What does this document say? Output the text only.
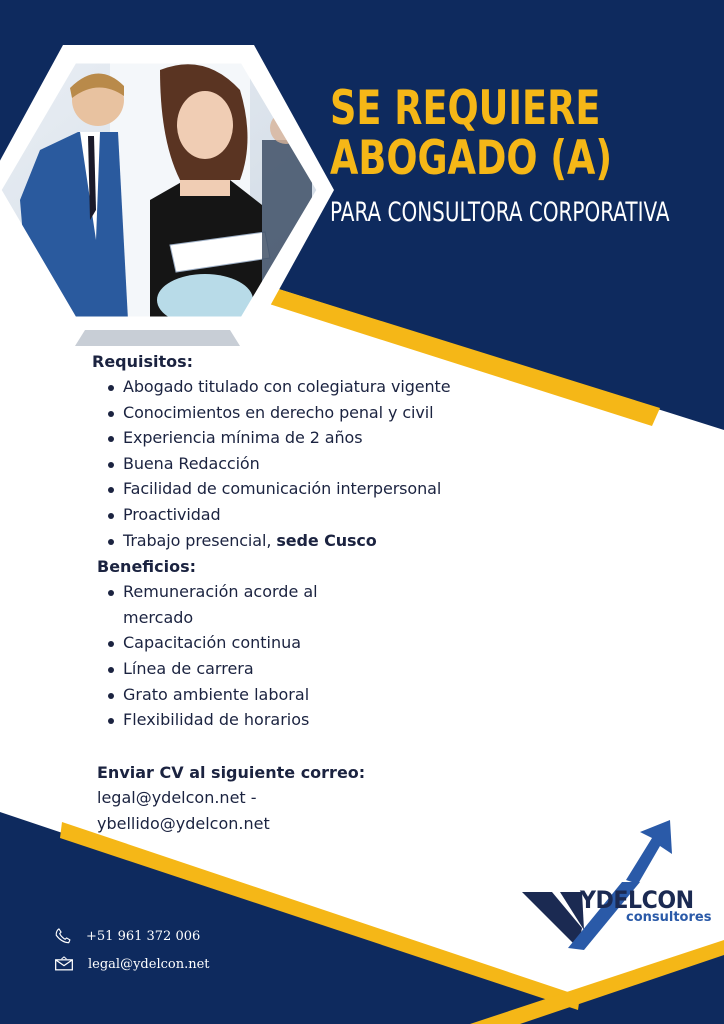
SE REQUIERE
ABOGADO (A)
PARA CONSULTORA CORPORATIVA
Requisitos:
Abogado titulado con colegiatura vigente
Conocimientos en derecho penal y civil
Experiencia mínima de 2 años
Buena Redacción
Facilidad de comunicación interpersonal
Proactividad
Trabajo presencial, sede Cusco
Beneficios:
Remuneración acorde al mercado
Capacitación continua
Línea de carrera
Grato ambiente laboral
Flexibilidad de horarios
Enviar CV al siguiente correo:
legal@ydelcon.net -
ybellido@ydelcon.net
+51 961 372 006
legal@ydelcon.net
YDELCON
consultores
